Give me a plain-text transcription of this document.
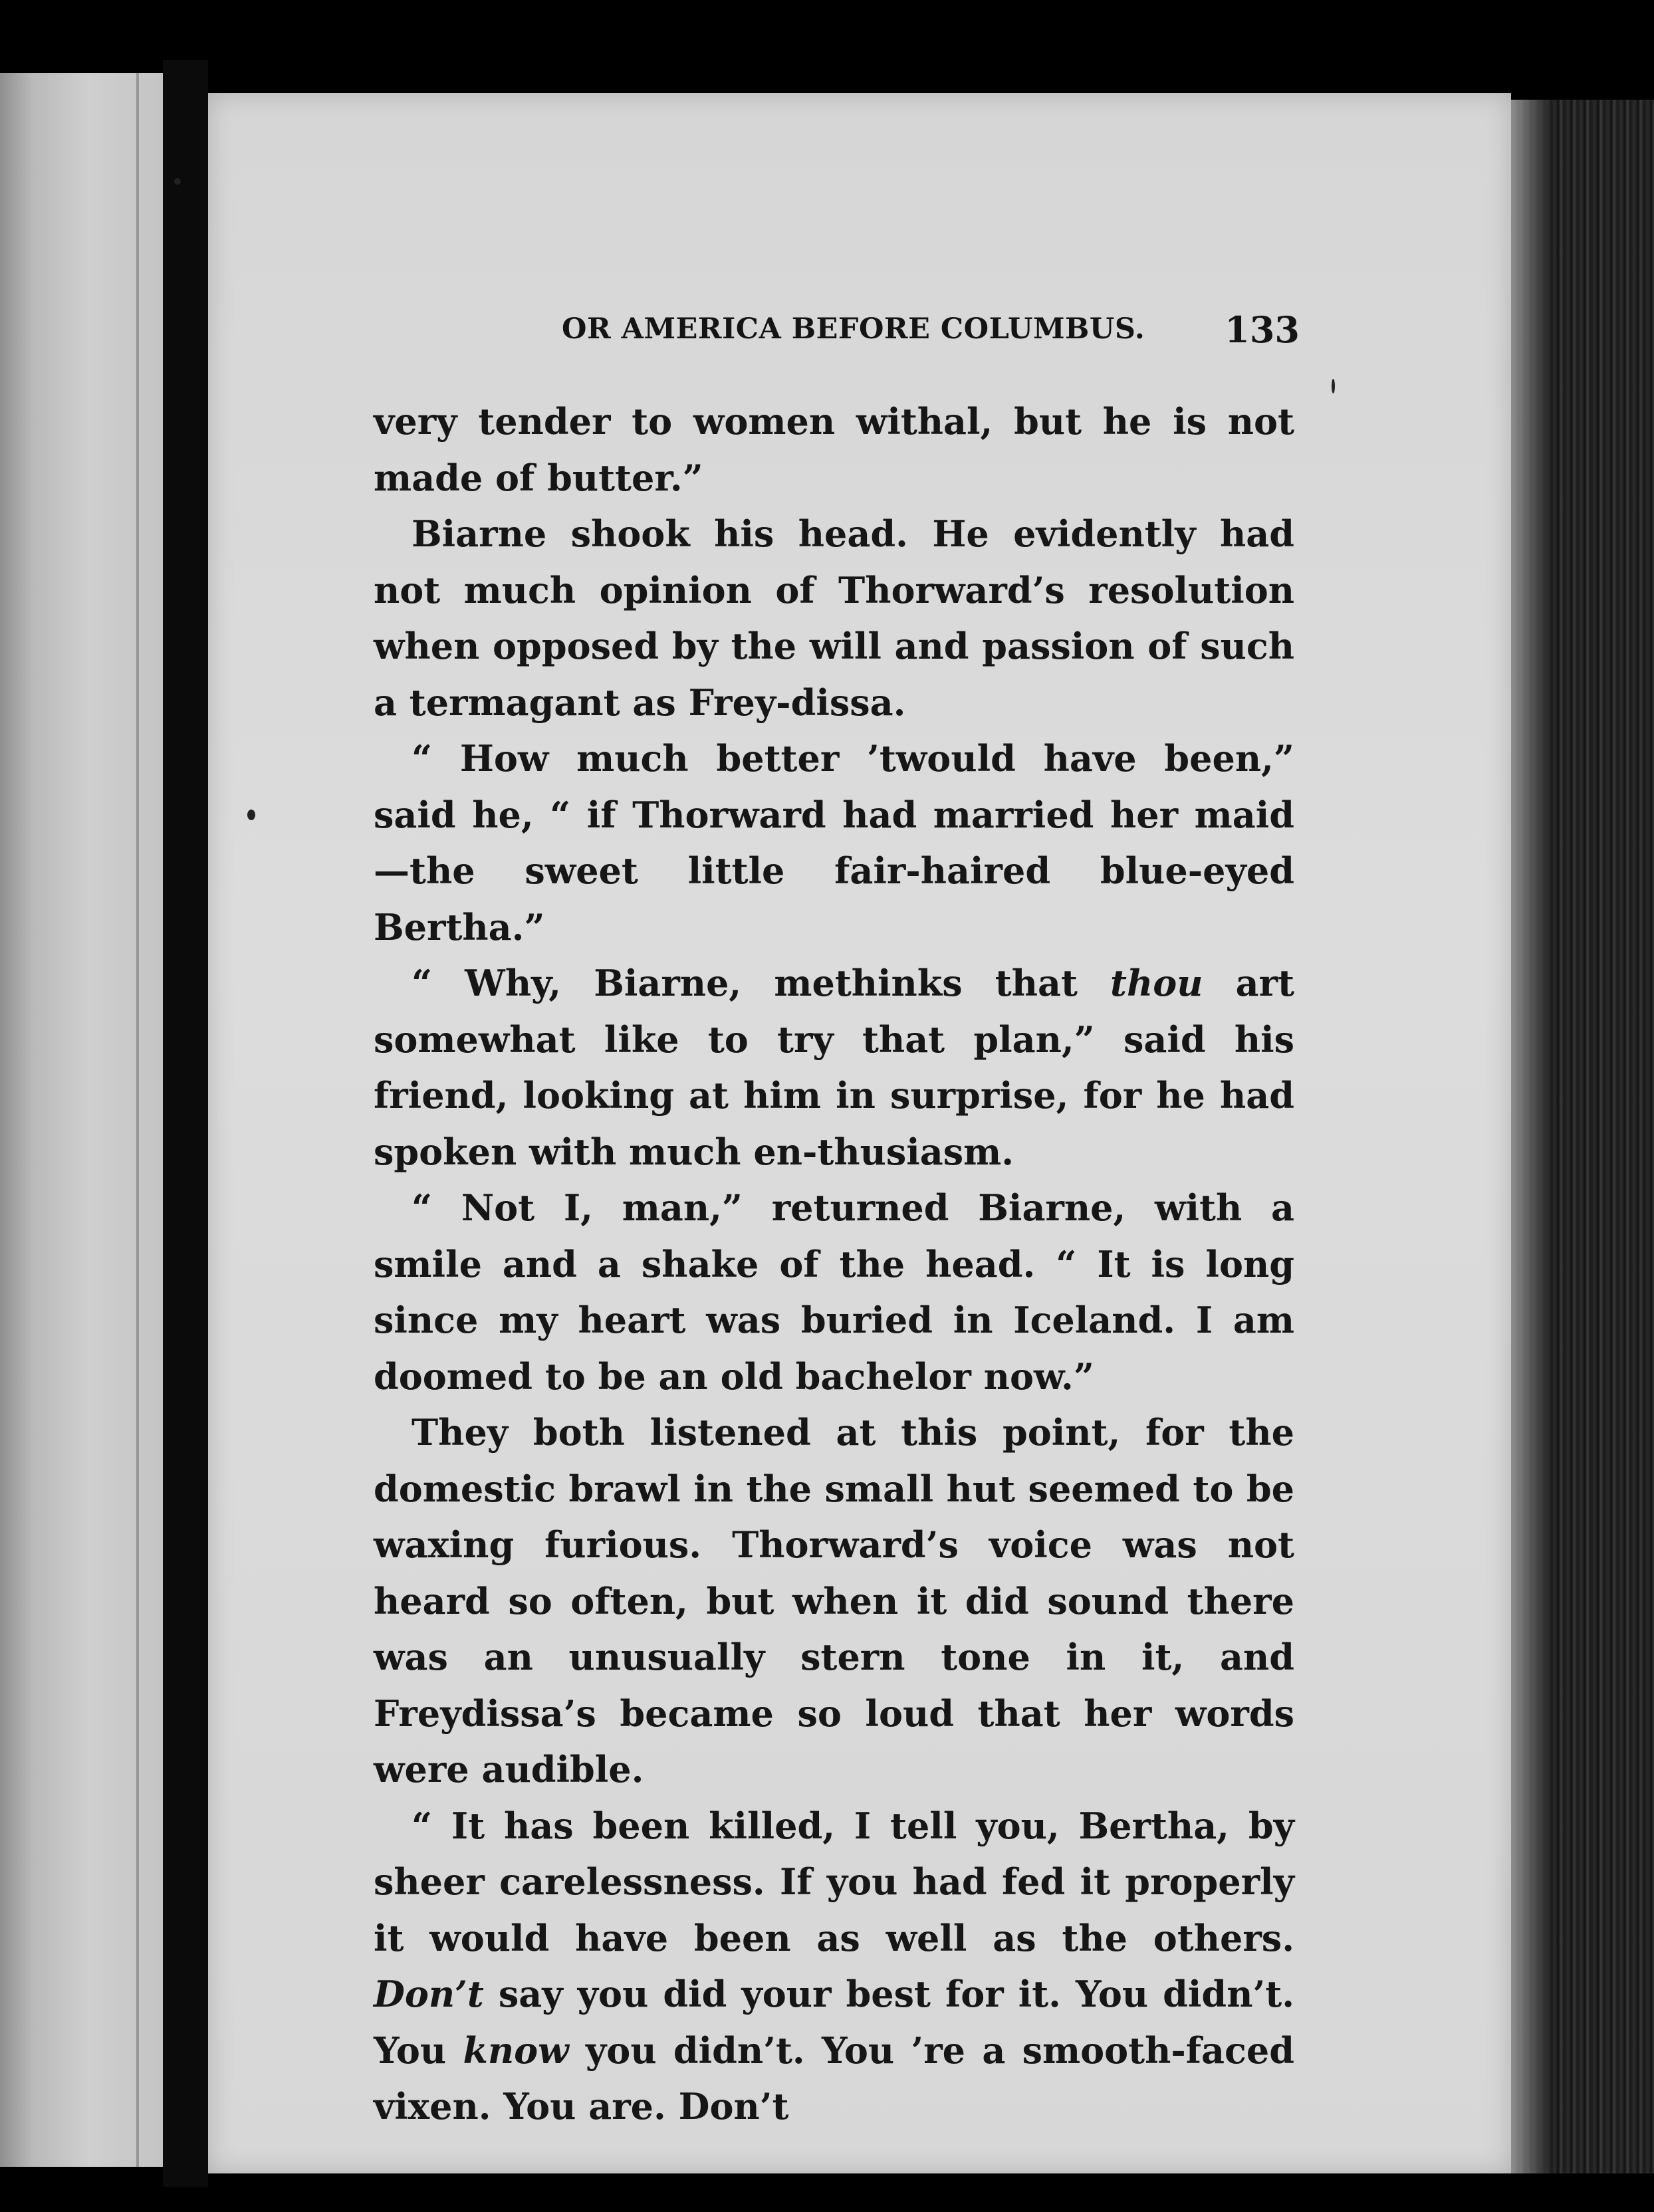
OR AMERICA BEFORE COLUMBUS. 133

very tender to women withal, but he is not made of butter.”

Biarne shook his head. He evidently had not much opinion of Thorward’s resolution when opposed by the will and passion of such a termagant as Frey-dissa.

“ How much better ’twould have been,” said he, “ if Thorward had married her maid—the sweet little fair-haired blue-eyed Bertha.”

“ Why, Biarne, methinks that thou art somewhat like to try that plan,” said his friend, looking at him in surprise, for he had spoken with much en-thusiasm.

“ Not I, man,” returned Biarne, with a smile and a shake of the head. “ It is long since my heart was buried in Iceland. I am doomed to be an old bachelor now.”

They both listened at this point, for the domestic brawl in the small hut seemed to be waxing furious. Thorward’s voice was not heard so often, but when it did sound there was an unusually stern tone in it, and Freydissa’s became so loud that her words were audible.

“ It has been killed, I tell you, Bertha, by sheer carelessness. If you had fed it properly it would have been as well as the others. Don’t say you did your best for it. You didn’t. You know you didn’t. You ’re a smooth-faced vixen. You are. Don’t
